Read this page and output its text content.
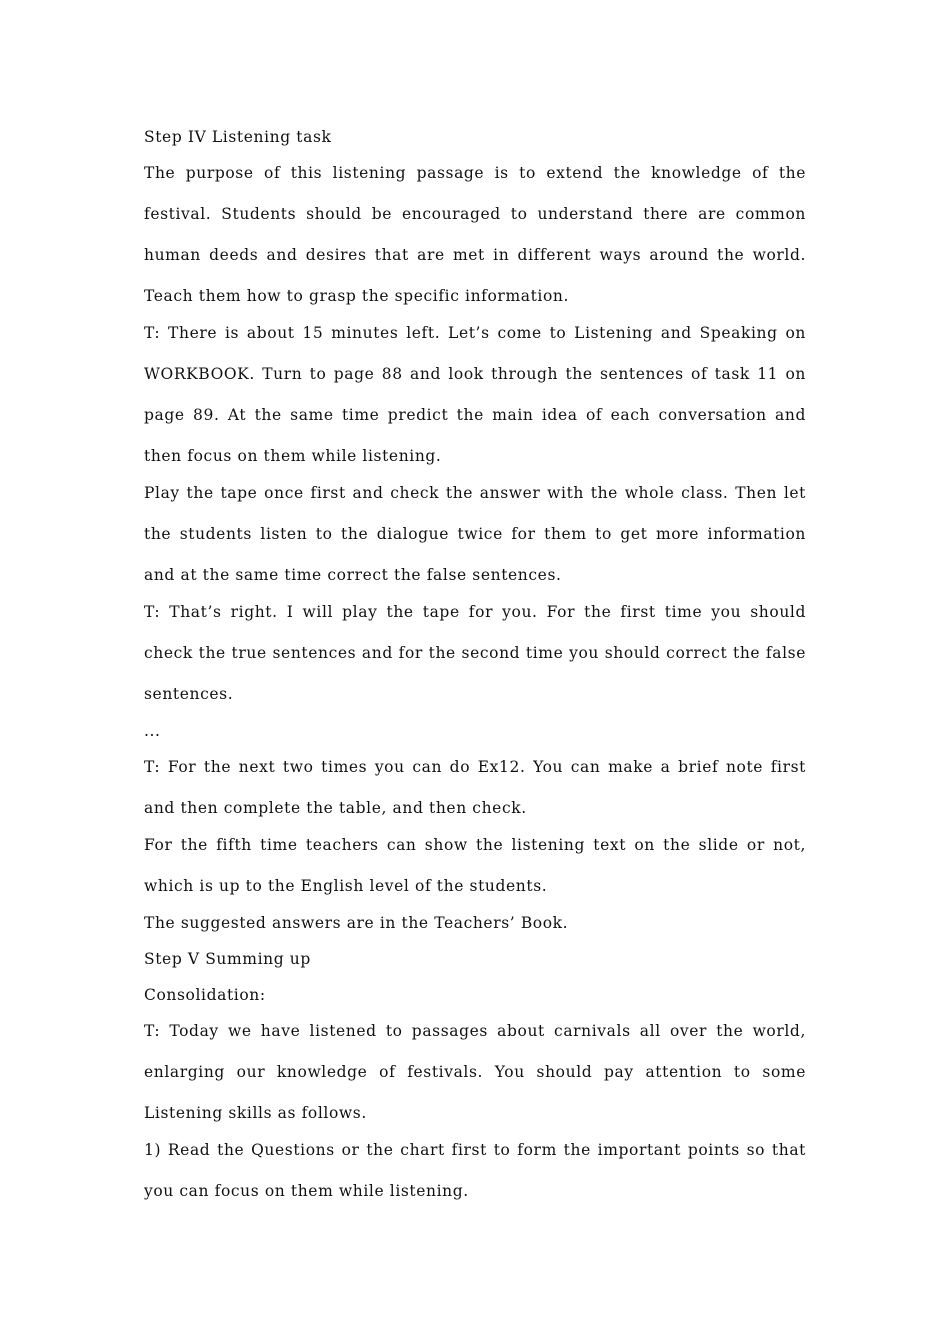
Step IV Listening task
The purpose of this listening passage is to extend the knowledge of the festival. Students should be encouraged to understand there are common human deeds and desires that are met in different ways around the world. Teach them how to grasp the specific information.
T: There is about 15 minutes left. Let’s come to Listening and Speaking on WORKBOOK. Turn to page 88 and look through the sentences of task 11 on page 89. At the same time predict the main idea of each conversation and then focus on them while listening.
Play the tape once first and check the answer with the whole class. Then let the students listen to the dialogue twice for them to get more information and at the same time correct the false sentences.
T: That’s right. I will play the tape for you. For the first time you should check the true sentences and for the second time you should correct the false sentences.
...
T: For the next two times you can do Ex12. You can make a brief note first and then complete the table, and then check.
For the fifth time teachers can show the listening text on the slide or not, which is up to the English level of the students.
The suggested answers are in the Teachers’ Book.
Step V Summing up
Consolidation:
T: Today we have listened to passages about carnivals all over the world, enlarging our knowledge of festivals. You should pay attention to some Listening skills as follows.
1) Read the Questions or the chart first to form the important points so that you can focus on them while listening.
